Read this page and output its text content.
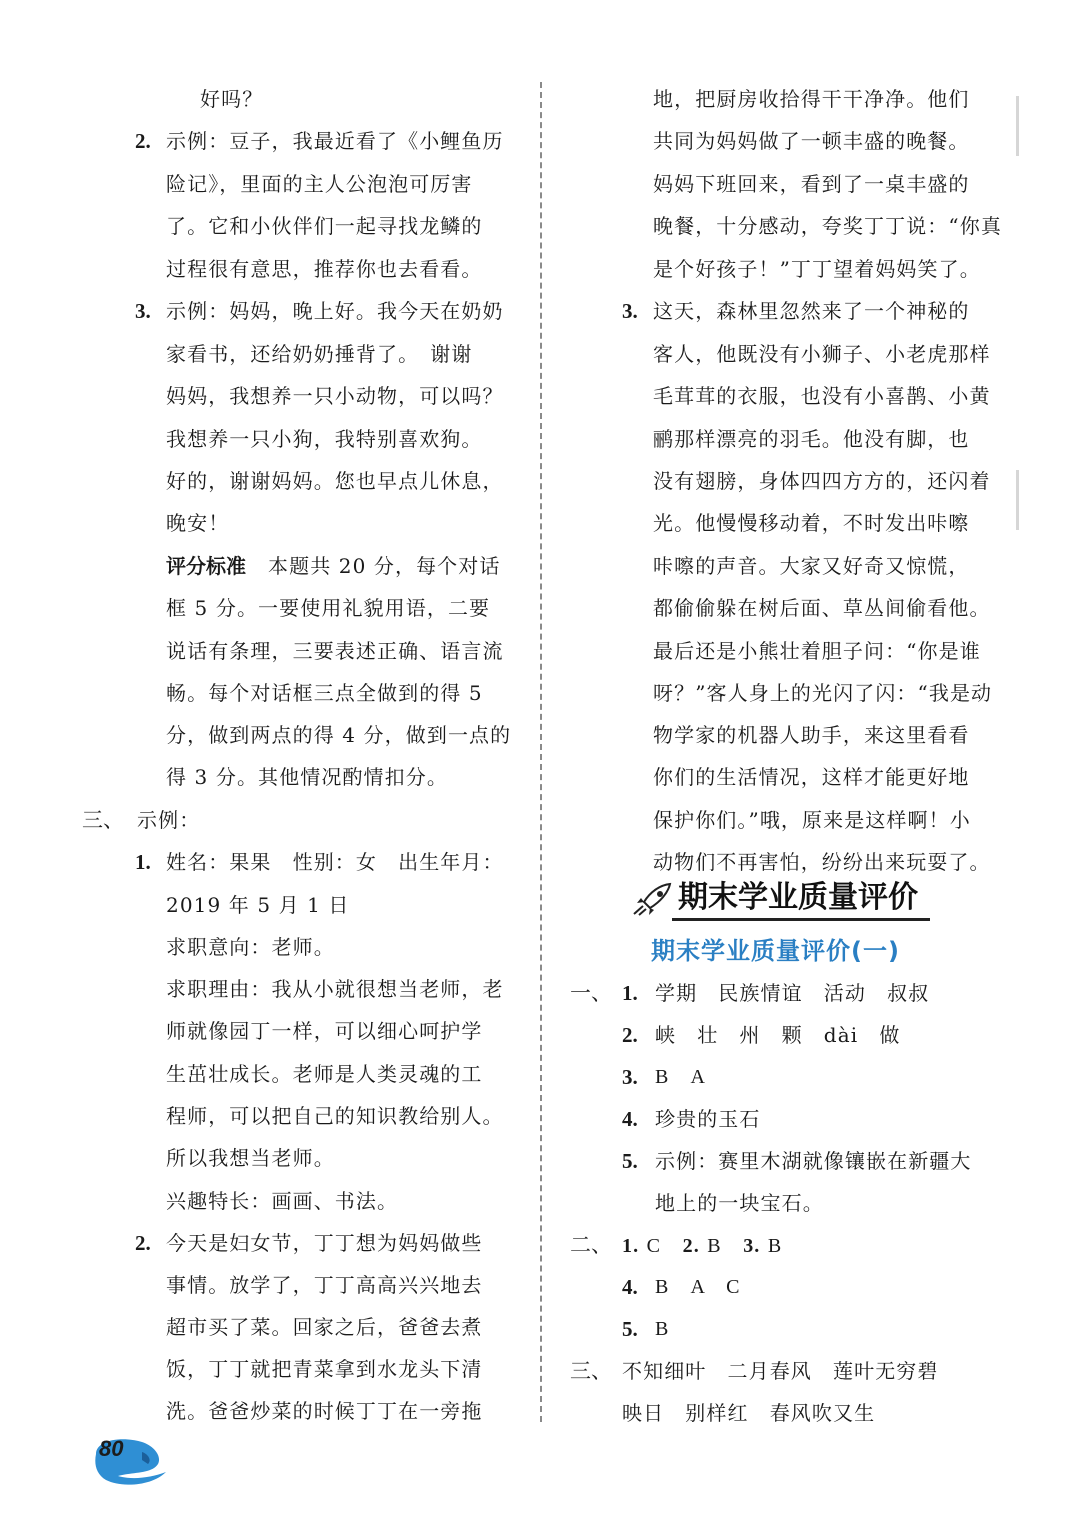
好吗？
2. 示例：豆子，我最近看了《小鲤鱼历
险记》，里面的主人公泡泡可厉害
了。它和小伙伴们一起寻找龙鳞的
过程很有意思，推荐你也去看看。
3. 示例：妈妈，晚上好。我今天在奶奶
家看书，还给奶奶捶背了。　谢谢
妈妈，我想养一只小动物，可以吗？
我想养一只小狗，我特别喜欢狗。
好的，谢谢妈妈。您也早点儿休息，
晚安！
评分标准 本题共 20 分，每个对话
框 5 分。一要使用礼貌用语，二要
说话有条理，三要表述正确、语言流
畅。每个对话框三点全做到的得 5
分，做到两点的得 4 分，做到一点的
得 3 分。其他情况酌情扣分。
三、 示例：
1. 姓名：果果　性别：女　出生年月：
2019 年 5 月 1 日
求职意向：老师。
求职理由：我从小就很想当老师，老
师就像园丁一样，可以细心呵护学
生茁壮成长。老师是人类灵魂的工
程师，可以把自己的知识教给别人。
所以我想当老师。
兴趣特长：画画、书法。
2. 今天是妇女节，丁丁想为妈妈做些
事情。放学了，丁丁高高兴兴地去
超市买了菜。回家之后，爸爸去煮
饭，丁丁就把青菜拿到水龙头下清
洗。爸爸炒菜的时候丁丁在一旁拖
地，把厨房收拾得干干净净。他们
共同为妈妈做了一顿丰盛的晚餐。
妈妈下班回来，看到了一桌丰盛的
晚餐，十分感动，夸奖丁丁说：“你真
是个好孩子！”丁丁望着妈妈笑了。
3. 这天，森林里忽然来了一个神秘的
客人，他既没有小狮子、小老虎那样
毛茸茸的衣服，也没有小喜鹊、小黄
鹂那样漂亮的羽毛。他没有脚，也
没有翅膀，身体四四方方的，还闪着
光。他慢慢移动着，不时发出咔嚓
咔嚓的声音。大家又好奇又惊慌，
都偷偷躲在树后面、草丛间偷看他。
最后还是小熊壮着胆子问：“你是谁
呀？”客人身上的光闪了闪：“我是动
物学家的机器人助手，来这里看看
你们的生活情况，这样才能更好地
保护你们。”哦，原来是这样啊！小
动物们不再害怕，纷纷出来玩耍了。
期末学业质量评价
期末学业质量评价(一)
一、 1. 学期　民族情谊　活动　叔叔
2. 峡　壮　州　颗　dài　做
3. B　A
4. 珍贵的玉石
5. 示例：赛里木湖就像镶嵌在新疆大
地上的一块宝石。
二、 1. C 2. B 3. B
4. B　A　C
5. B
三、 不知细叶　二月春风　莲叶无穷碧
映日　别样红　春风吹又生
80
